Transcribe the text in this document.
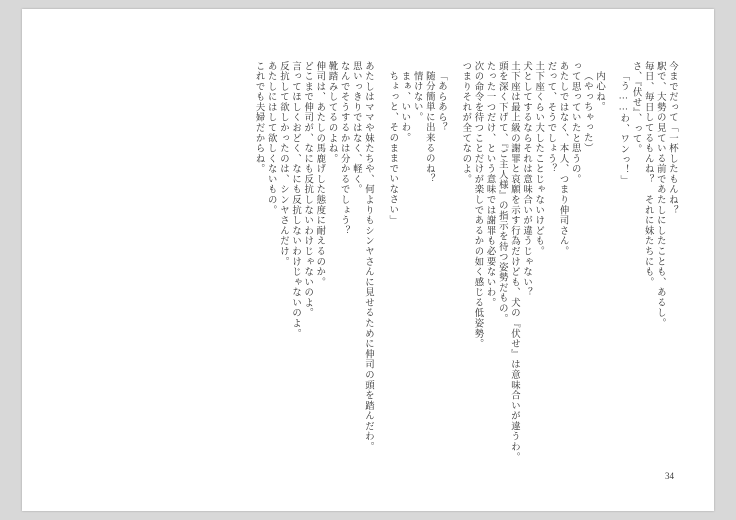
今までだって「一杯したもんね？
駅で、大勢の見ている前であたしにしたことも、あるし。
毎日、毎日してるもんね？　それに妹たちにも。
さ、『伏せ』、って。
「う……わ、ワンっ！」
内心ね。
（やっちゃった）
って思っていたと思うの。
あたしではなく、本人、つまり伸司さん。
だって、そうでしょう？
土下座くらい大したことじゃないけども。
犬としてするならそれは意味合いが違うじゃない？
土下座は最上級の謝罪と哀願を示す行為だけども、犬の『伏せ』は意味合いが違うわ。
頭を深く下げて、『ご主人様』の指示を待つ姿勢だもの。
たった一つだけ、という意味では謝罪も必要ないわ。
次の命令を待つことだけが楽しであるかの如く感じる低姿勢。
つまりそれが全てなのよ。
「あらあら？
随分簡単に出来るのね？
情けない。
まぁ、いいわ。
ちょっと、そのままでいなさい」
あたしはママや妹たちや、何よりもシンヤさんに見せるために伸司の頭を踏んだわ。
思いっきりではなく、軽く。
なんでそうするかは分かるでしょう？
靴踏みしてるのよね。
伸司は、あたしの馬鹿げした態度に耐えるのか。
どこまで伸司が、なにも反抗しないわけじゃないのよ。
言ってほしくおどく、なにも反抗しないわけじゃないのよ。
反抗して欲しかったのは、シンヤさんだけ。
あたしにはして欲しくないもの。
これでも夫婦だからね。
34
